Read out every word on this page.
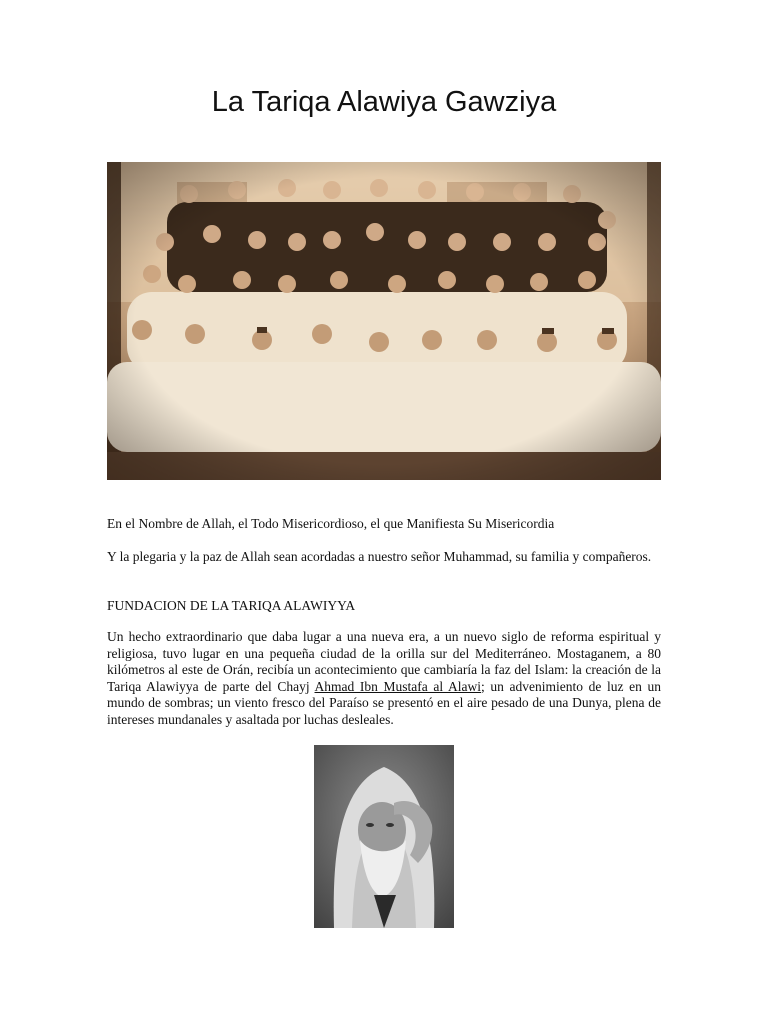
La Tariqa Alawiya Gawziya

En el Nombre de Allah, el Todo Misericordioso, el que Manifiesta Su Misericordia

Y la plegaria y la paz de Allah sean acordadas a nuestro señor Muhammad, su familia y compañeros.

FUNDACION DE LA TARIQA ALAWIYYA

Un hecho extraordinario que daba lugar a una nueva era, a un nuevo siglo de reforma espiritual y religiosa, tuvo lugar en una pequeña ciudad de la orilla sur del Mediterráneo. Mostaganem, a 80 kilómetros al este de Orán, recibía un acontecimiento que cambiaría la faz del Islam: la creación de la Tariqa Alawiyya de parte del Chayj Ahmad Ibn Mustafa al Alawi; un advenimiento de luz en un mundo de sombras; un viento fresco del Paraíso se presentó en el aire pesado de una Dunya, plena de intereses mundanales y asaltada por luchas desleales.
